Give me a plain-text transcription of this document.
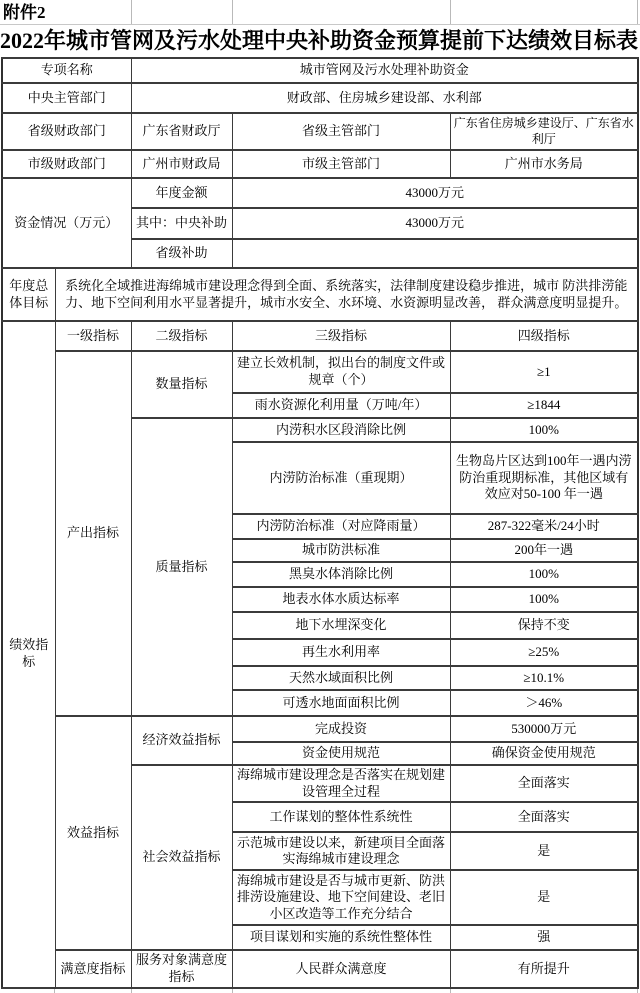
附件2
2022年城市管网及污水处理中央补助资金预算提前下达绩效目标表
专项名称		城市管网及污水处理补助资金		
中央主管部门		财政部、住房城乡建设部、水利部		
省级财政部门		广东省财政厅	省级主管部门	广东省住房城乡建设厅、广东省水利厅
市级财政部门		广州市财政局	市级主管部门	广州市水务局
资金情况（万元）		年度金额	43000万元	
		其中：中央补助	43000万元	
		省级补助		
年度总体目标	系统化全域推进海绵城市建设理念得到全面、系统落实，法律制度建设稳步推进，城市 防洪排涝能力、地下空间利用水平显著提升，城市水安全、水环境、水资源明显改善， 群众满意度明显提升。			
绩效指标	一级指标	二级指标	三级指标	四级指标
	产出指标	数量指标	建立长效机制，拟出台的制度文件或规章（个）	≥1
			雨水资源化利用量（万吨/年）	≥1844
		质量指标	内涝积水区段消除比例	100%
			内涝防治标准（重现期）	生物岛片区达到100年一遇内涝防治重现期标准，其他区域有效应对50-100 年一遇
			内涝防治标准（对应降雨量）	287-322毫米/24小时
			城市防洪标准	200年一遇
			黑臭水体消除比例	100%
			地表水体水质达标率	100%
			地下水埋深变化	保持不变
			再生水利用率	≥25%
			天然水域面积比例	≥10.1%
			可透水地面面积比例	＞46%
	效益指标	经济效益指标	完成投资	530000万元
			资金使用规范	确保资金使用规范
		社会效益指标	海绵城市建设理念是否落实在规划建设管理全过程	全面落实
			工作谋划的整体性系统性	全面落实
			示范城市建设以来，新建项目全面落实海绵城市建设理念	是
			海绵城市建设是否与城市更新、防洪排涝设施建设、地下空间建设、老旧小区改造等工作充分结合	是
			项目谋划和实施的系统性整体性	强
	满意度指标	服务对象满意度指标	人民群众满意度	有所提升
